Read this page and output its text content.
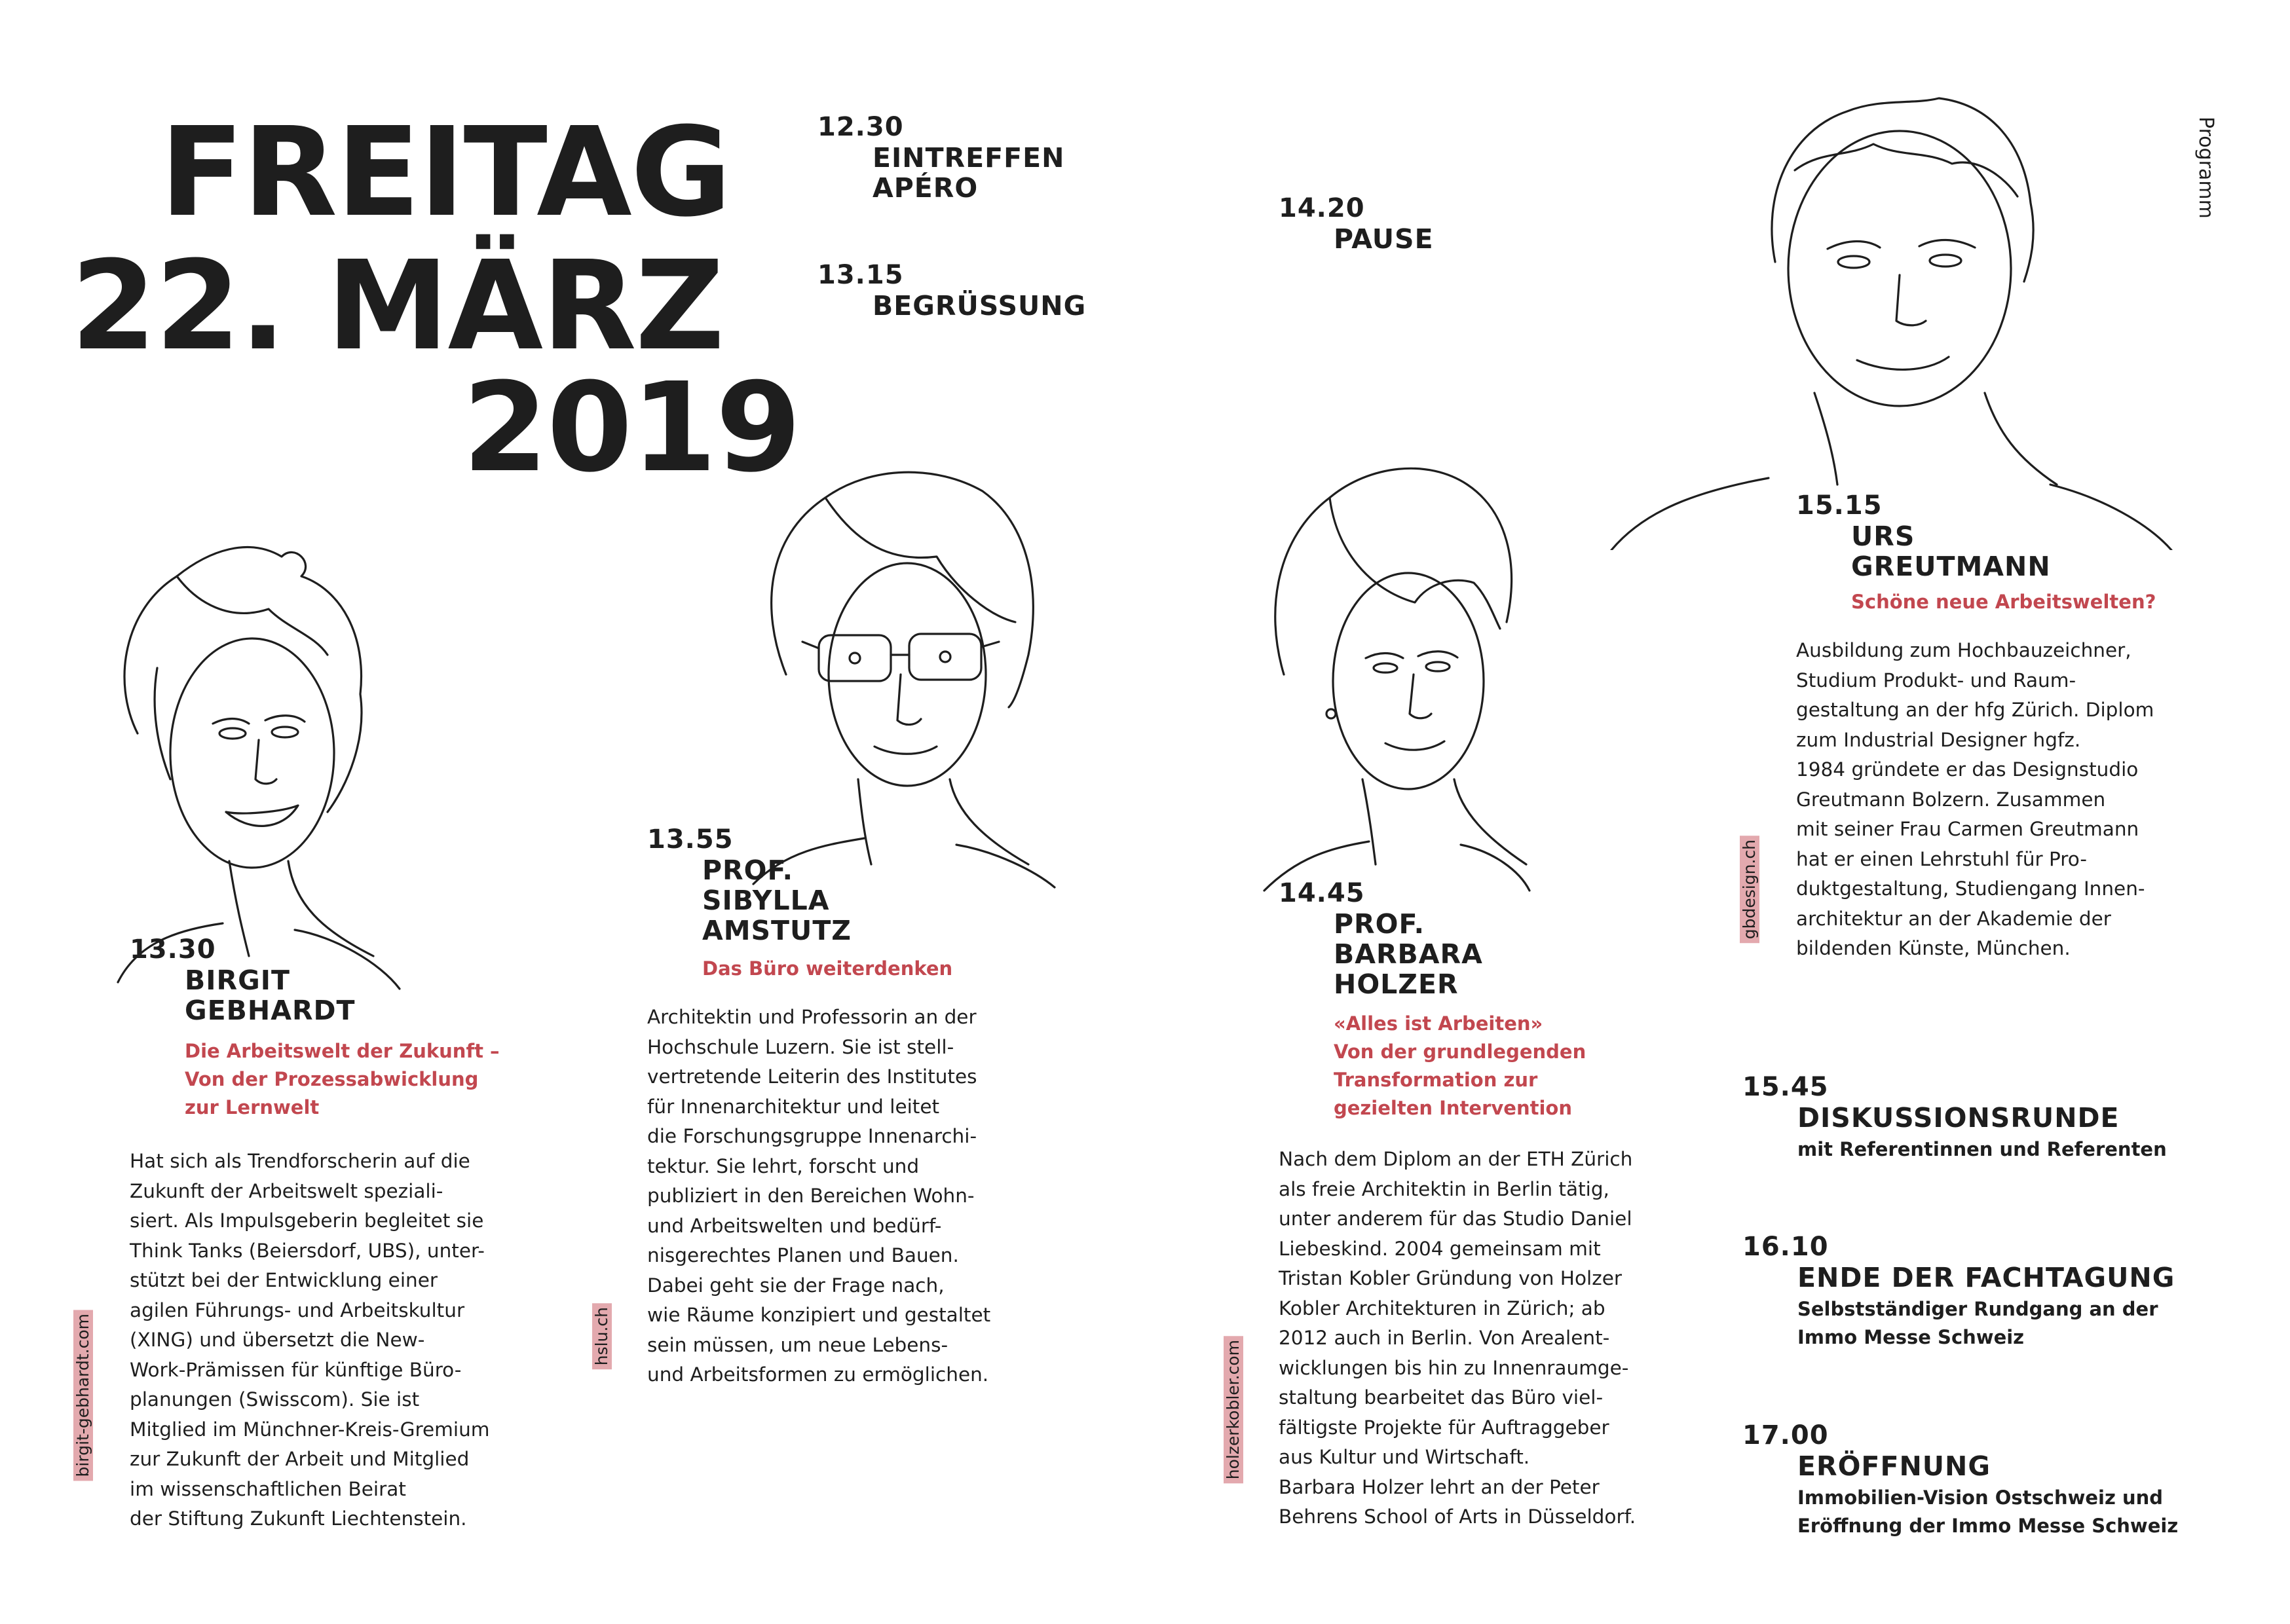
FREITAG
22. MÄRZ
2019
Programm
12.30
EINTREFFEN
APÉRO
13.15
BEGRÜSSUNG
14.20
PAUSE
13.30
BIRGIT
GEBHARDT
Die Arbeitswelt der Zukunft –
Von der Prozessabwicklung
zur Lernwelt
Hat sich als Trendforscherin auf die
Zukunft der Arbeitswelt speziali-
siert. Als Impulsgeberin begleitet sie
Think Tanks (Beiersdorf, UBS), unter-
stützt bei der Entwicklung einer
agilen Führungs- und Arbeitskultur
(XING) und übersetzt die New-
Work-Prämissen für künftige Büro-
planungen (Swisscom). Sie ist
Mitglied im Münchner-Kreis-Gremium
zur Zukunft der Arbeit und Mitglied
im wissenschaftlichen Beirat
der Stiftung Zukunft Liechtenstein.
birgit-gebhardt.com
13.55
PROF.
SIBYLLA
AMSTUTZ
Das Büro weiterdenken
Architektin und Professorin an der
Hochschule Luzern. Sie ist stell-
vertretende Leiterin des Institutes
für Innenarchitektur und leitet
die Forschungsgruppe Innenarchi-
tektur. Sie lehrt, forscht und
publiziert in den Bereichen Wohn-
und Arbeitswelten und bedürf-
nisgerechtes Planen und Bauen.
Dabei geht sie der Frage nach,
wie Räume konzipiert und gestaltet
sein müssen, um neue Lebens-
und Arbeitsformen zu ermöglichen.
hslu.ch
14.45
PROF.
BARBARA
HOLZER
«Alles ist Arbeiten»
Von der grundlegenden
Transformation zur
gezielten Intervention
Nach dem Diplom an der ETH Zürich
als freie Architektin in Berlin tätig,
unter anderem für das Studio Daniel
Liebeskind. 2004 gemeinsam mit
Tristan Kobler Gründung von Holzer
Kobler Architekturen in Zürich; ab
2012 auch in Berlin. Von Arealent-
wicklungen bis hin zu Innenraumge-
staltung bearbeitet das Büro viel-
fältigste Projekte für Auftraggeber
aus Kultur und Wirtschaft.
Barbara Holzer lehrt an der Peter
Behrens School of Arts in Düsseldorf.
holzerkobler.com
15.15
URS
GREUTMANN
Schöne neue Arbeitswelten?
Ausbildung zum Hochbauzeichner,
Studium Produkt- und Raum-
gestaltung an der hfg Zürich. Diplom
zum Industrial Designer hgfz.
1984 gründete er das Designstudio
Greutmann Bolzern. Zusammen
mit seiner Frau Carmen Greutmann
hat er einen Lehrstuhl für Pro-
duktgestaltung, Studiengang Innen-
architektur an der Akademie der
bildenden Künste, München.
gbdesign.ch
15.45
DISKUSSIONSRUNDE
mit Referentinnen und Referenten
16.10
ENDE DER FACHTAGUNG
Selbstständiger Rundgang an der
Immo Messe Schweiz
17.00
ERÖFFNUNG
Immobilien-Vision Ostschweiz und
Eröffnung der Immo Messe Schweiz
